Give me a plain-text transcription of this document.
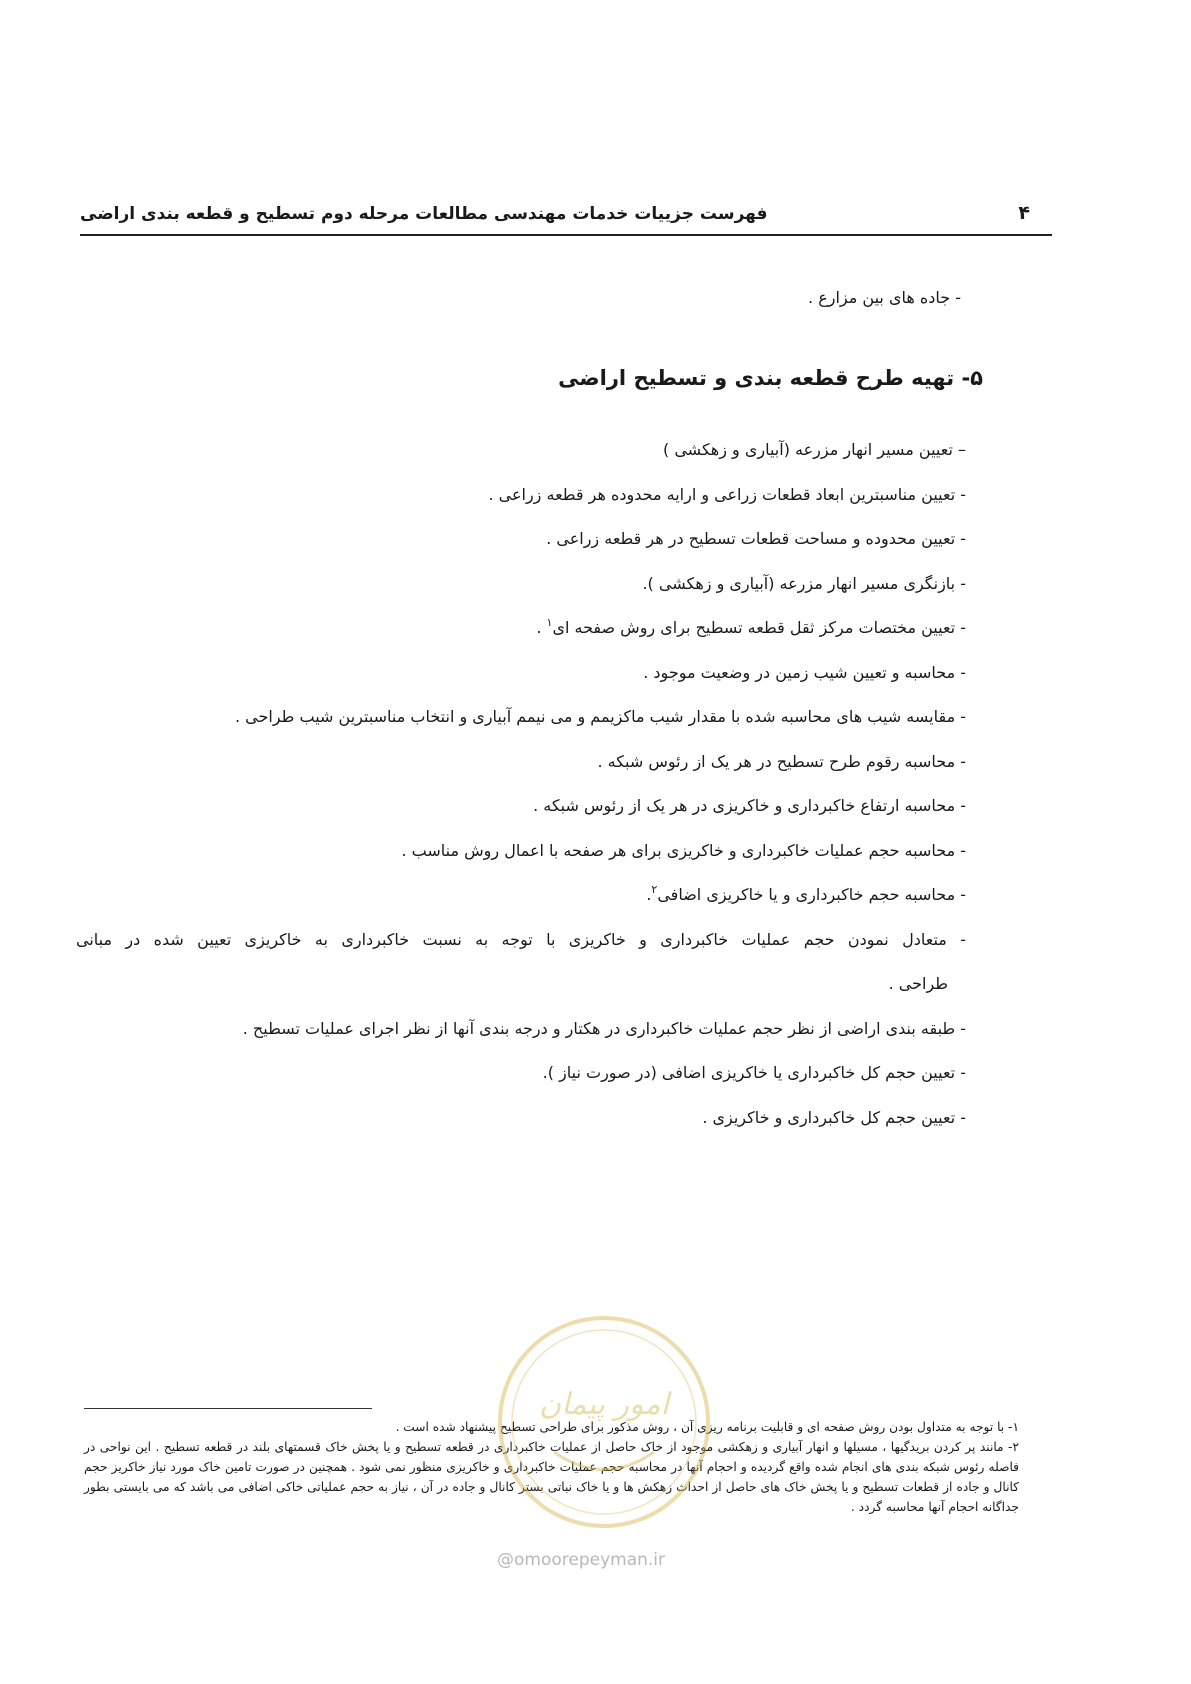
۴
فهرست جزییات خدمات مهندسی مطالعات مرحله دوم تسطیح و قطعه بندی اراضی
- جاده های بین مزارع .
۵- تهیه طرح قطعه بندی و تسطیح اراضی
– تعیین مسیر انهار مزرعه (آبیاری و زهکشی )
- تعیین مناسبترین ابعاد قطعات زراعی و ارایه محدوده هر قطعه زراعی .
- تعیین محدوده و مساحت قطعات تسطیح در هر قطعه زراعی .
- بازنگری مسیر انهار مزرعه (آبیاری و زهکشی ).
- تعیین مختصات مرکز ثقل قطعه تسطیح برای روش صفحه ای$^١$ .
- محاسبه و تعیین شیب زمین در وضعیت موجود .
- مقایسه شیب های محاسبه شده با مقدار شیب ماکزیمم و می نیمم آبیاری و انتخاب مناسبترین شیب طراحی .
- محاسبه رقوم طرح تسطیح در هر یک از رئوس شبکه .
- محاسبه ارتفاع خاکبرداری و خاکریزی در هر یک از رئوس شبکه .
- محاسبه حجم عملیات خاکبرداری و خاکریزی برای هر صفحه با اعمال روش مناسب .
- محاسبه حجم خاکبرداری و یا خاکریزی اضافی$^٢$.
- متعادل نمودن حجم عملیات خاکبرداری و خاکریزی با توجه به نسبت خاکبرداری به خاکریزی تعیین شده در مبانی
طراحی .
- طبقه بندی اراضی از نظر حجم عملیات خاکبرداری در هکتار و درجه بندی آنها از نظر اجرای عملیات تسطیح .
- تعیین حجم کل خاکبرداری یا خاکریزی اضافی (در صورت نیاز ).
- تعیین حجم کل خاکبرداری و خاکریزی .

١- با توجه به متداول بودن روش صفحه ای و قابلیت برنامه ریزی آن ، روش مذکور برای طراحی تسطیح پیشنهاد شده است .

٢- مانند پر کردن بریدگیها ، مسیلها و انهار آبیاری و زهکشی موجود از خاک حاصل از عملیات خاکبرداری در قطعه تسطیح و یا پخش خاک قسمتهای بلند در قطعه تسطیح . این نواحی در فاصله رئوس شبکه بندی های انجام شده واقع گردیده و احجام آنها در محاسبه حجم عملیات خاکبرداری و خاکریزی منظور نمی شود . همچنین در صورت تامین خاک مورد نیاز خاکریز حجم کانال و جاده از قطعات تسطیح و یا پخش خاک های حاصل از احداث زهکش ها و یا خاک نباتی بستر کانال و جاده در آن ، نیاز به حجم عملیاتی خاکی اضافی می باشد که می بایستی بطور جداگانه احجام آنها محاسبه گردد .

امور پیمان
@omoorepeyman.ir
